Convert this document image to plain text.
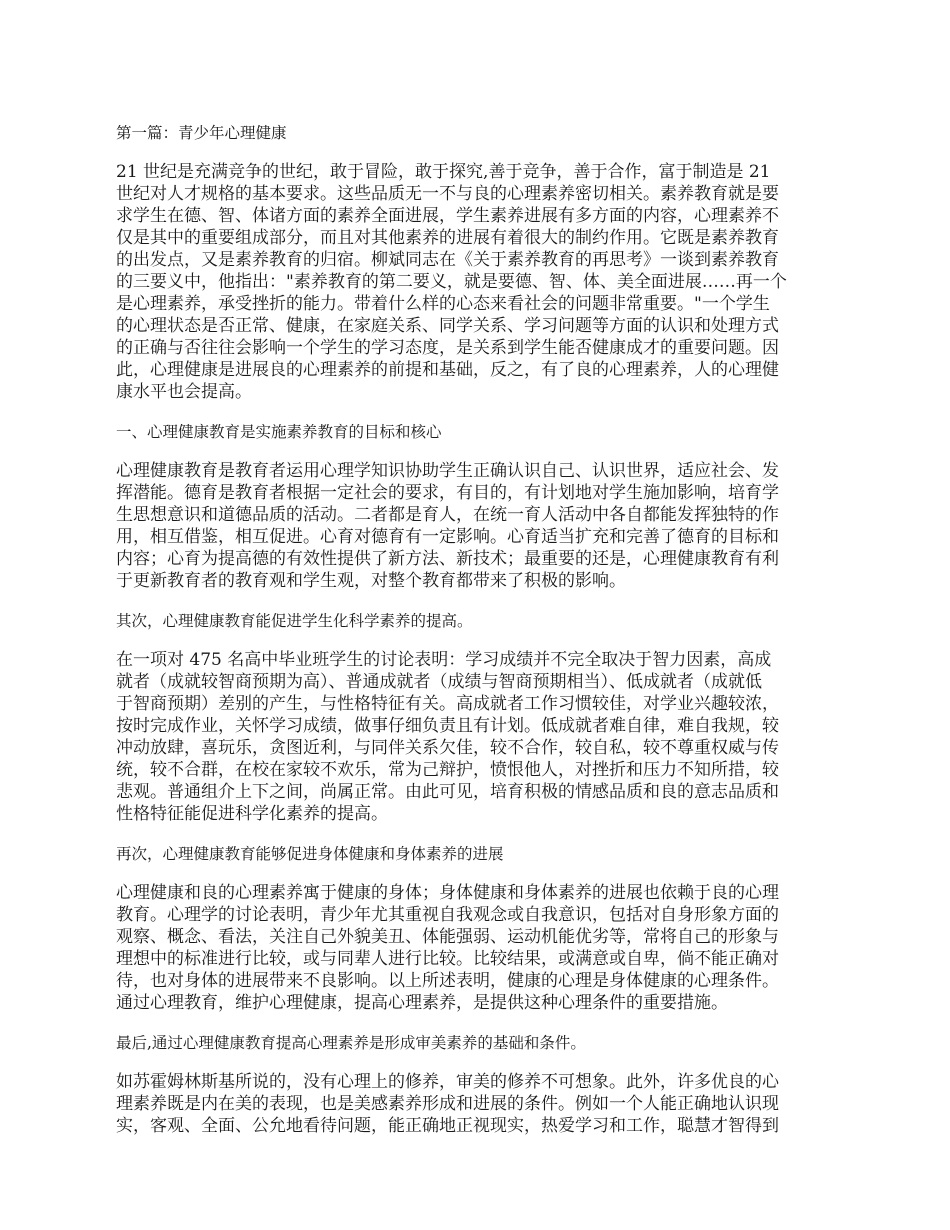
第一篇：青少年心理健康
21 世纪是充满竞争的世纪，敢于冒险，敢于探究,善于竞争，善于合作，富于制造是 21
世纪对人才规格的基本要求。这些品质无一不与良的心理素养密切相关。素养教育就是要
求学生在德、智、体诸方面的素养全面进展，学生素养进展有多方面的内容，心理素养不
仅是其中的重要组成部分，而且对其他素养的进展有着很大的制约作用。它既是素养教育
的出发点，又是素养教育的归宿。柳斌同志在《关于素养教育的再思考》一谈到素养教育
的三要义中，他指出："素养教育的第二要义，就是要德、智、体、美全面进展……再一个
是心理素养，承受挫折的能力。带着什么样的心态来看社会的问题非常重要。"一个学生
的心理状态是否正常、健康，在家庭关系、同学关系、学习问题等方面的认识和处理方式
的正确与否往往会影响一个学生的学习态度，是关系到学生能否健康成才的重要问题。因
此，心理健康是进展良的心理素养的前提和基础，反之，有了良的心理素养，人的心理健
康水平也会提高。
一、心理健康教育是实施素养教育的目标和核心
心理健康教育是教育者运用心理学知识协助学生正确认识自己、认识世界，适应社会、发
挥潜能。德育是教育者根据一定社会的要求，有目的，有计划地对学生施加影响，培育学
生思想意识和道德品质的活动。二者都是育人，在统一育人活动中各自都能发挥独特的作
用，相互借鉴，相互促进。心育对德育有一定影响。心育适当扩充和完善了德育的目标和
内容；心育为提高德的有效性提供了新方法、新技术；最重要的还是，心理健康教育有利
于更新教育者的教育观和学生观，对整个教育都带来了积极的影响。
其次，心理健康教育能促进学生化科学素养的提高。
在一项对 475 名高中毕业班学生的讨论表明：学习成绩并不完全取决于智力因素，高成
就者（成就较智商预期为高）、普通成就者（成绩与智商预期相当）、低成就者（成就低
于智商预期）差别的产生，与性格特征有关。高成就者工作习惯较佳，对学业兴趣较浓，
按时完成作业，关怀学习成绩，做事仔细负责且有计划。低成就者难自律，难自我规，较
冲动放肆，喜玩乐，贪图近利，与同伴关系欠佳，较不合作，较自私，较不尊重权威与传
统，较不合群，在校在家较不欢乐，常为己辩护，愤恨他人，对挫折和压力不知所措，较
悲观。普通组介上下之间，尚属正常。由此可见，培育积极的情感品质和良的意志品质和
性格特征能促进科学化素养的提高。
再次，心理健康教育能够促进身体健康和身体素养的进展
心理健康和良的心理素养寓于健康的身体；身体健康和身体素养的进展也依赖于良的心理
教育。心理学的讨论表明，青少年尤其重视自我观念或自我意识，包括对自身形象方面的
观察、概念、看法，关注自己外貌美丑、体能强弱、运动机能优劣等，常将自己的形象与
理想中的标准进行比较，或与同辈人进行比较。比较结果，或满意或自卑，倘不能正确对
待，也对身体的进展带来不良影响。以上所述表明，健康的心理是身体健康的心理条件。
通过心理教育，维护心理健康，提高心理素养，是提供这种心理条件的重要措施。
最后,通过心理健康教育提高心理素养是形成审美素养的基础和条件。
如苏霍姆林斯基所说的，没有心理上的修养，审美的修养不可想象。此外，许多优良的心
理素养既是内在美的表现，也是美感素养形成和进展的条件。例如一个人能正确地认识现
实，客观、全面、公允地看待问题，能正确地正视现实，热爱学习和工作，聪慧才智得到
